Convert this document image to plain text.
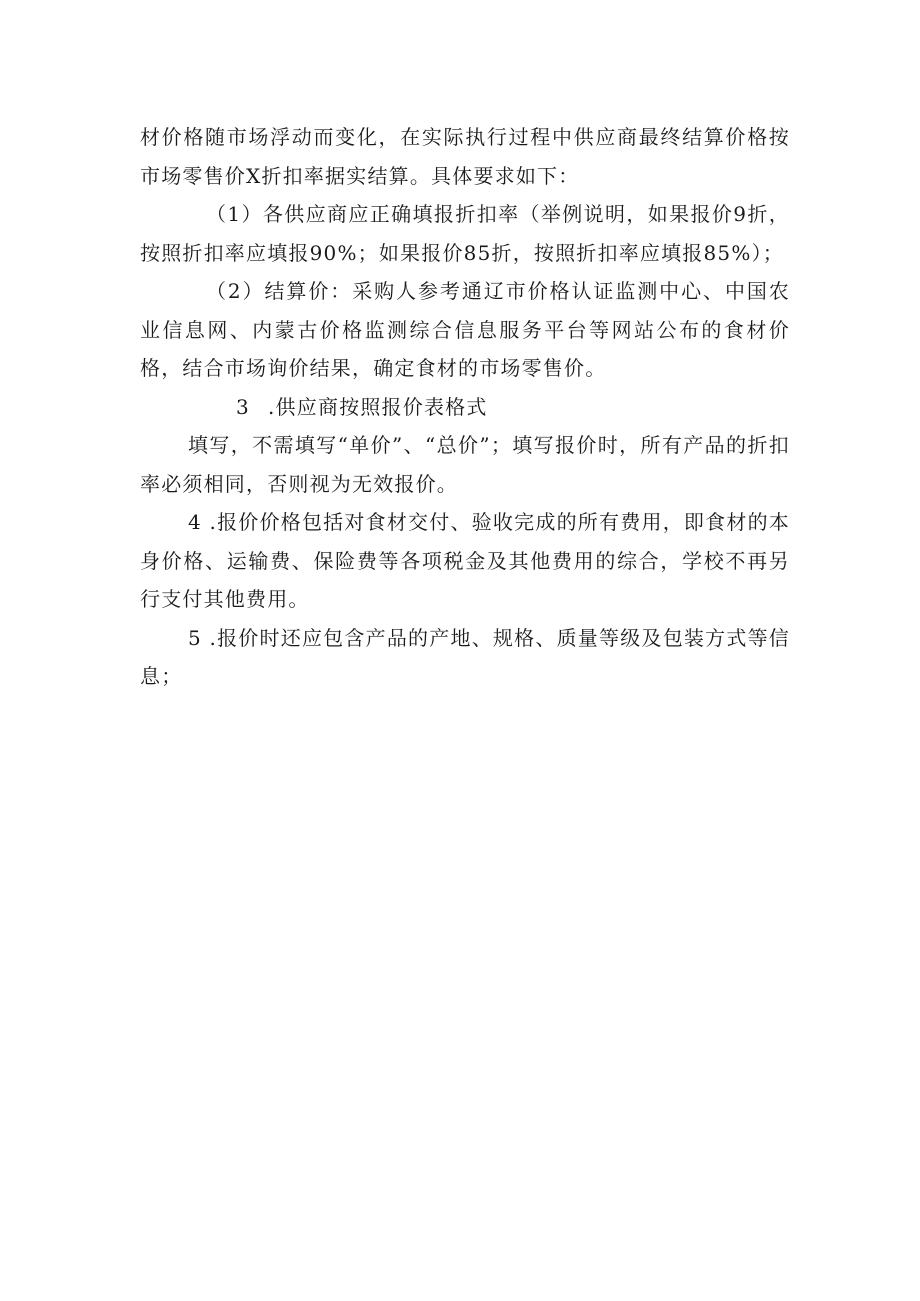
材价格随市场浮动而变化，在实际执行过程中供应商最终结算价格按市场零售价X折扣率据实结算。具体要求如下：

（1）各供应商应正确填报折扣率（举例说明，如果报价9折，按照折扣率应填报90%；如果报价85折，按照折扣率应填报85%）；

（2）结算价：采购人参考通辽市价格认证监测中心、中国农业信息网、内蒙古价格监测综合信息服务平台等网站公布的食材价格，结合市场询价结果，确定食材的市场零售价。

3 .供应商按照报价表格式

填写，不需填写“单价”、“总价”；填写报价时，所有产品的折扣率必须相同，否则视为无效报价。

4 .报价价格包括对食材交付、验收完成的所有费用，即食材的本身价格、运输费、保险费等各项税金及其他费用的综合，学校不再另行支付其他费用。

5 .报价时还应包含产品的产地、规格、质量等级及包装方式等信息；
